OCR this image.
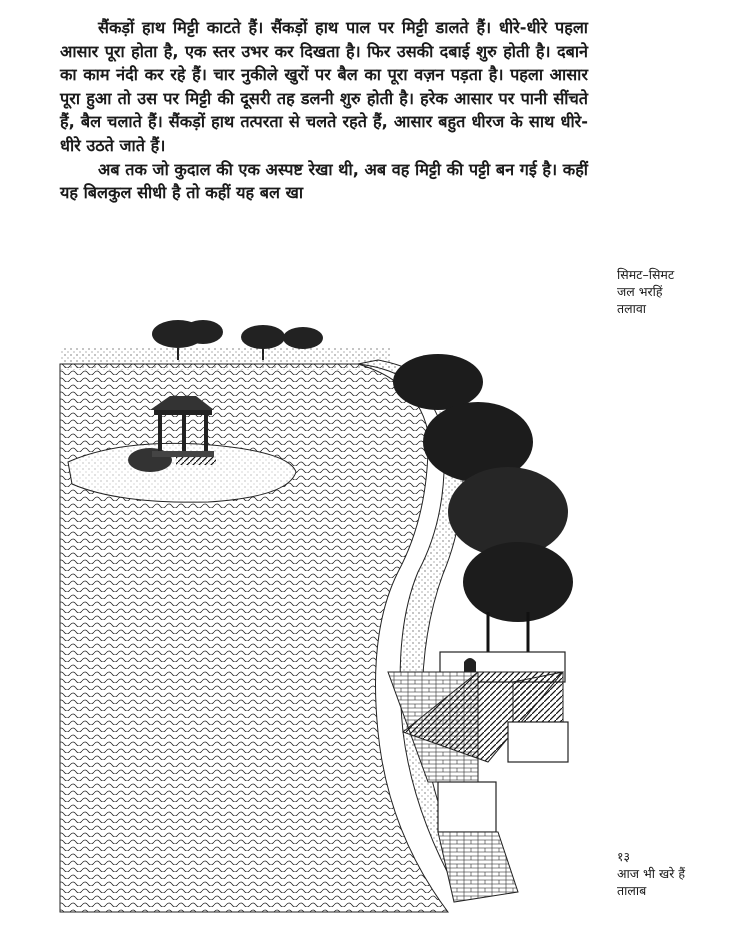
सैंकड़ों हाथ मिट्टी काटते हैं। सैंकड़ों हाथ पाल पर मिट्टी डालते हैं। धीरे-धीरे पहला आसार पूरा होता है, एक स्तर उभर कर दिखता है। फिर उसकी दबाई शुरु होती है। दबाने का काम नंदी कर रहे हैं। चार नुकीले खुरों पर बैल का पूरा वज़न पड़ता है। पहला आसार पूरा हुआ तो उस पर मिट्टी की दूसरी तह डलनी शुरु होती है। हरेक आसार पर पानी सींचते हैं, बैल चलाते हैं। सैंकड़ों हाथ तत्परता से चलते रहते हैं, आसार बहुत धीरज के साथ धीरे-धीरे उठते जाते हैं।

अब तक जो कुदाल की एक अस्पष्ट रेखा थी, अब वह मिट्टी की पट्टी बन गई है। कहीं यह बिलकुल सीधी है तो कहीं यह बल खा

सिमट–सिमट
जल भरहिं
तलावा
१३
आज भी खरे हैं
तालाब
